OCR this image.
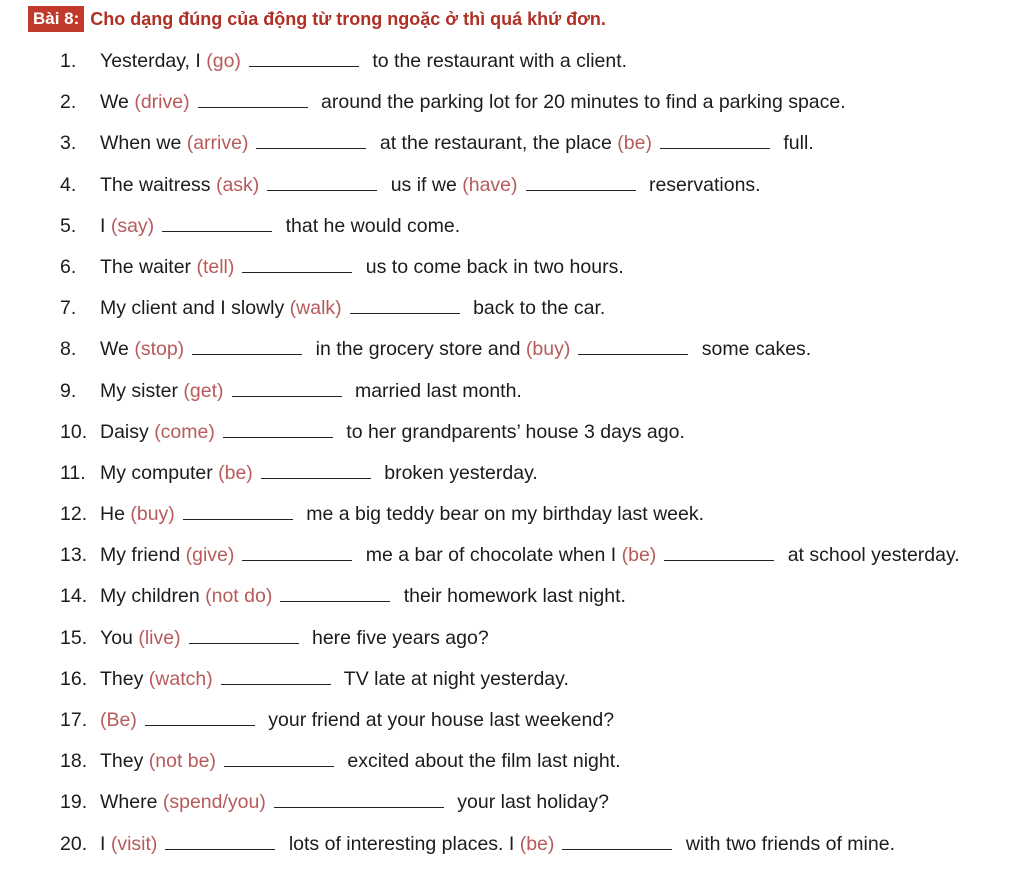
Bài 8: Cho dạng đúng của động từ trong ngoặc ở thì quá khứ đơn.
1. Yesterday, I (go)	to the restaurant with a client.
2. We (drive)	around the parking lot for 20 minutes to find a parking space.
3. When we (arrive)	at the restaurant, the place (be)	full.
4. The waitress (ask)	us if we (have)	reservations.
5. I (say)	that he would come.
6. The waiter (tell)	us to come back in two hours.
7. My client and I slowly (walk)	back to the car.
8. We (stop)	in the grocery store and (buy)	some cakes.
9. My sister (get)	married last month.
10. Daisy (come)	to her grandparents’ house 3 days ago.
11. My computer (be)	broken yesterday.
12. He (buy)	me a big teddy bear on my birthday last week.
13. My friend (give)	me a bar of chocolate when I (be)	at school yesterday.
14. My children (not do)	their homework last night.
15. You (live)	here five years ago?
16. They (watch)	TV late at night yesterday.
17. (Be)	your friend at your house last weekend?
18. They (not be)	excited about the film last night.
19. Where (spend/you)	your last holiday?
20. I (visit)	lots of interesting places. I (be)	with two friends of mine.
